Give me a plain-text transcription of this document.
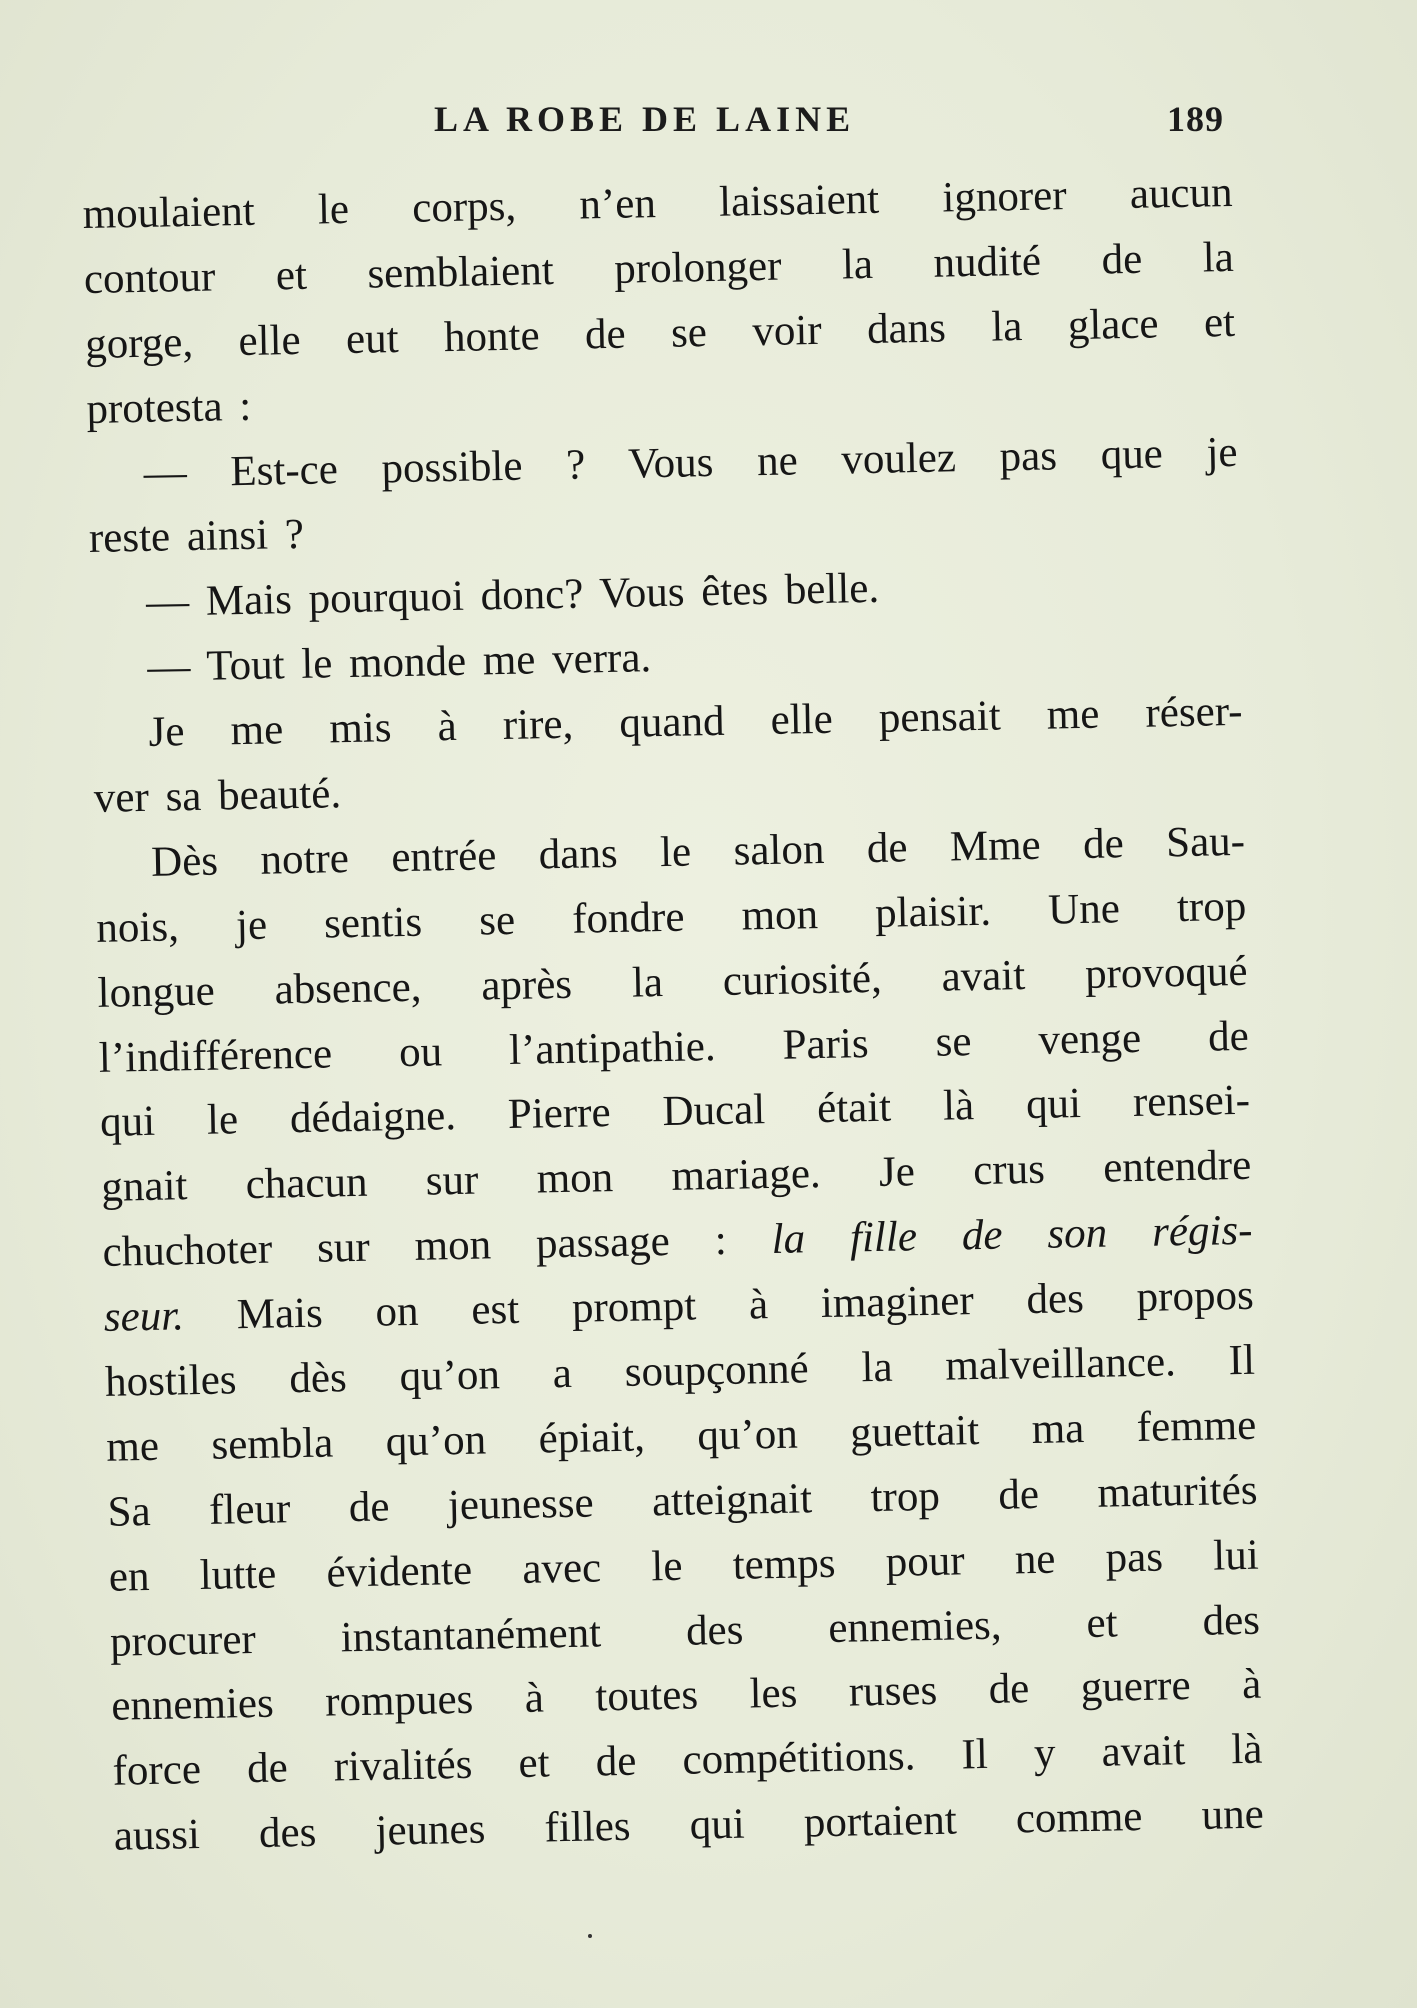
LA ROBE DE LAINE	189
moulaient le corps, n’en laissaient ignorer aucun
contour et semblaient prolonger la nudité de la
gorge, elle eut honte de se voir dans la glace et
protesta :
— Est-ce possible ? Vous ne voulez pas que je
reste ainsi ?
— Mais pourquoi donc? Vous êtes belle.
— Tout le monde me verra.
Je me mis à rire, quand elle pensait me réser-
ver sa beauté.
Dès notre entrée dans le salon de Mme de Sau-
nois, je sentis se fondre mon plaisir. Une trop
longue absence, après la curiosité, avait provoqué
l’indifférence ou l’antipathie. Paris se venge de
qui le dédaigne. Pierre Ducal était là qui rensei-
gnait chacun sur mon mariage. Je crus entendre
chuchoter sur mon passage : la fille de son régis-
seur. Mais on est prompt à imaginer des propos
hostiles dès qu’on a soupçonné la malveillance. Il
me sembla qu’on épiait, qu’on guettait ma femme
Sa fleur de jeunesse atteignait trop de maturités
en lutte évidente avec le temps pour ne pas lui
procurer instantanément des ennemies, et des
ennemies rompues à toutes les ruses de guerre à
force de rivalités et de compétitions. Il y avait là
aussi des jeunes filles qui portaient comme une
